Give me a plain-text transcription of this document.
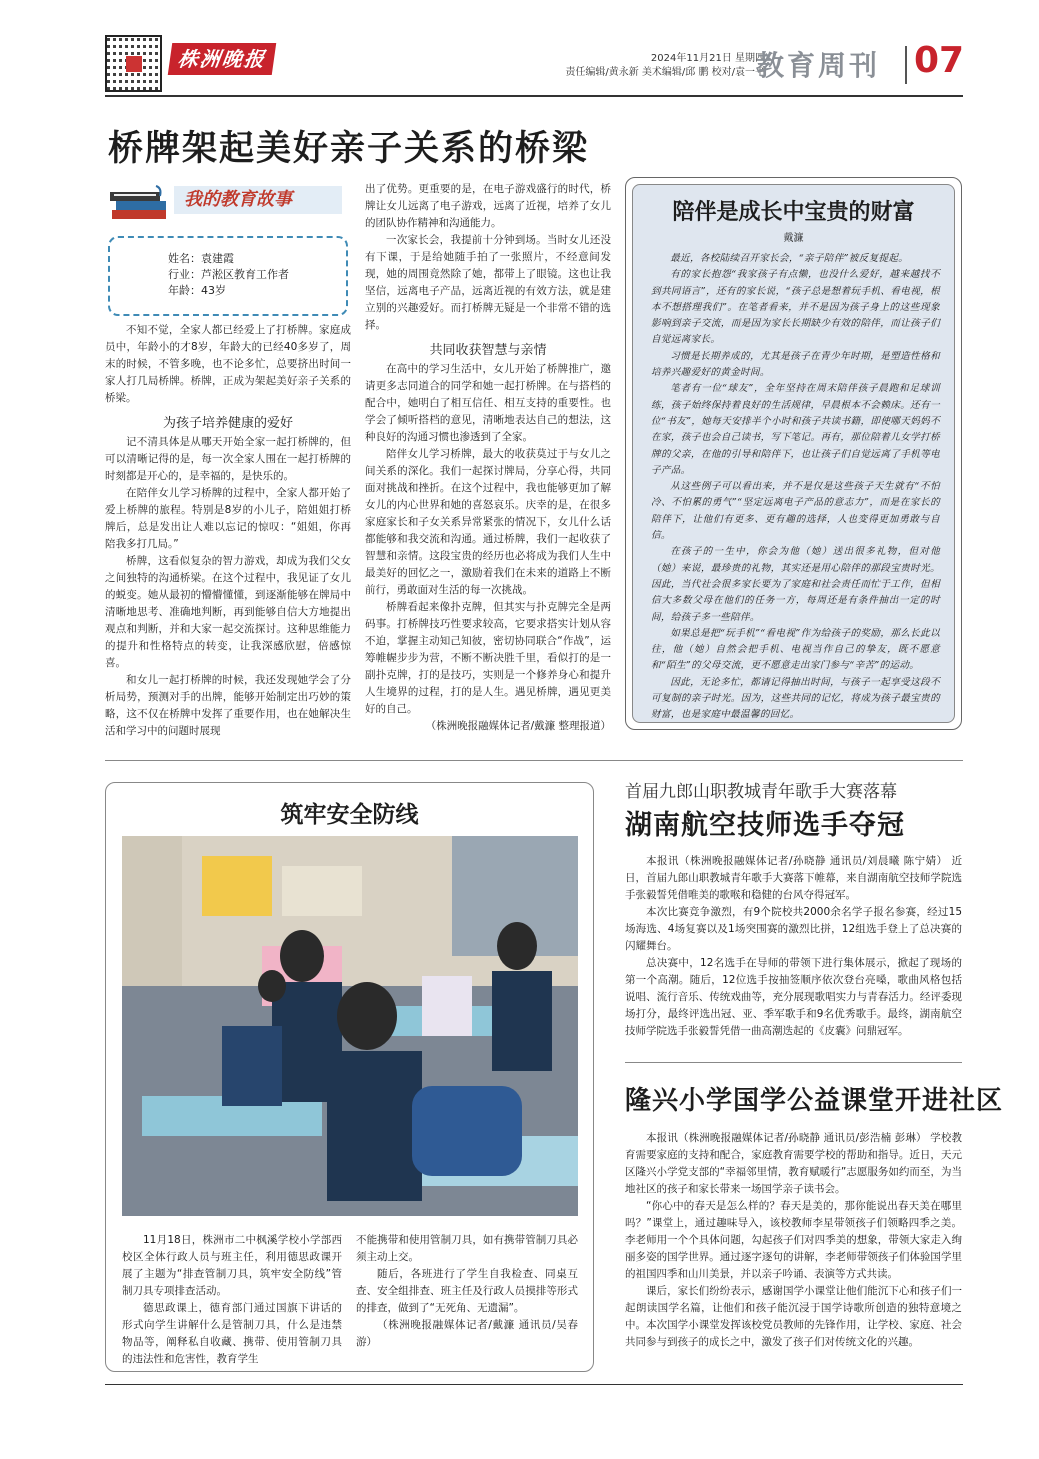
株洲晚报	2024年11月21日 星期四
责任编辑/黄永新 美术编辑/邱 鹏 校对/袁一平
教育周刊 07
桥牌架起美好亲子关系的桥梁
我的教育故事
姓名：袁建霞
行业：芦淞区教育工作者
年龄：43岁

不知不觉，全家人都已经爱上了打桥牌。家庭成员中，年龄小的才8岁，年龄大的已经40多岁了，周末的时候，不管多晚，也不论多忙，总要挤出时间一家人打几局桥牌。桥牌，正成为架起美好亲子关系的桥梁。

为孩子培养健康的爱好

记不清具体是从哪天开始全家一起打桥牌的，但可以清晰记得的是，每一次全家人围在一起打桥牌的时刻都是开心的，是幸福的，是快乐的。

在陪伴女儿学习桥牌的过程中，全家人都开始了爱上桥牌的旅程。特别是8岁的小儿子，陪姐姐打桥牌后，总是发出让人难以忘记的惊叹：“姐姐，你再陪我多打几局。”

桥牌，这看似复杂的智力游戏，却成为我们父女之间独特的沟通桥梁。在这个过程中，我见证了女儿的蜕变。她从最初的懵懵懂懂，到逐渐能够在牌局中清晰地思考、准确地判断，再到能够自信大方地提出观点和判断，并和大家一起交流探讨。这种思维能力的提升和性格特点的转变，让我深感欣慰，倍感惊喜。

和女儿一起打桥牌的时候，我还发现她学会了分析局势，预测对手的出牌，能够开始制定出巧妙的策略，这不仅在桥牌中发挥了重要作用，也在她解决生活和学习中的问题时展现

出了优势。更重要的是，在电子游戏盛行的时代，桥牌让女儿远离了电子游戏，远离了近视，培养了女儿的团队协作精神和沟通能力。

一次家长会，我提前十分钟到场。当时女儿还没有下课，于是给她随手拍了一张照片，不经意间发现，她的周围竟然除了她，都带上了眼镜。这也让我坚信，远离电子产品，远离近视的有效方法，就是建立别的兴趣爱好。而打桥牌无疑是一个非常不错的选择。

共同收获智慧与亲情

在高中的学习生活中，女儿开始了桥牌推广，邀请更多志同道合的同学和她一起打桥牌。在与搭档的配合中，她明白了相互信任、相互支持的重要性。也学会了倾听搭档的意见，清晰地表达自己的想法，这种良好的沟通习惯也渗透到了全家。

陪伴女儿学习桥牌，最大的收获莫过于与女儿之间关系的深化。我们一起探讨牌局，分享心得，共同面对挑战和挫折。在这个过程中，我也能够更加了解女儿的内心世界和她的喜怒哀乐。庆幸的是，在很多家庭家长和子女关系异常紧张的情况下，女儿什么话都能够和我交流和沟通。通过桥牌，我们一起收获了智慧和亲情。这段宝贵的经历也必将成为我们人生中最美好的回忆之一，激励着我们在未来的道路上不断前行，勇敢面对生活的每一次挑战。

桥牌看起来像扑克牌，但其实与扑克牌完全是两码事。打桥牌技巧性要求较高，它要求搭实计划从容不迫，掌握主动知己知彼，密切协同联合“作战”，运筹帷幄步步为营，不断不断决胜千里，看似打的是一副扑克牌，打的是技巧，实则是一个修养身心和提升人生境界的过程，打的是人生。遇见桥牌，遇见更美好的自己。

（株洲晚报融媒体记者/戴濂 整理报道）
陪伴是成长中宝贵的财富
戴濂

最近，各校陆续召开家长会，“亲子陪伴”被反复提起。

有的家长抱怨“我家孩子有点懒，也没什么爱好，越来越找不到共同语言”，还有的家长说，“孩子总是想着玩手机、看电视，根本不想搭理我们”。在笔者看来，并不是因为孩子身上的这些现象影响到亲子交流，而是因为家长长期缺少有效的陪伴，而让孩子们自觉远离家长。

习惯是长期养成的，尤其是孩子在青少年时期，是塑造性格和培养兴趣爱好的黄金时间。

笔者有一位“球友”，全年坚持在周末陪伴孩子晨跑和足球训练，孩子始终保持着良好的生活规律，早晨根本不会赖床。还有一位“书友”，她每天安排半个小时和孩子共读书籍，即使哪天妈妈不在家，孩子也会自己读书，写下笔记。再有，那位陪着儿女学打桥牌的父亲，在他的引导和陪伴下，也让孩子们自觉远离了手机等电子产品。

从这些例子可以看出来，并不是仅是这些孩子天生就有“不怕冷、不怕累的勇气”“坚定远离电子产品的意志力”，而是在家长的陪伴下，让他们有更多、更有趣的选择，人也变得更加勇敢与自信。

在孩子的一生中，你会为他（她）送出很多礼物，但对他（她）来说，最珍贵的礼物，其实还是用心陪伴的那段宝贵时光。因此，当代社会很多家长要为了家庭和社会责任而忙于工作，但相信大多数父母在他们的任务一方，每周还是有条件抽出一定的时间，给孩子多一些陪伴。

如果总是把“玩手机”“看电视”作为给孩子的奖励，那么长此以往，他（她）自然会把手机、电视当作自己的挚友，既不愿意和“陌生”的父母交流，更不愿意走出家门参与“辛苦”的运动。

因此，无论多忙，都请记得抽出时间，与孩子一起享受这段不可复制的亲子时光。因为，这些共同的记忆，将成为孩子最宝贵的财富，也是家庭中最温馨的回忆。

筑牢安全防线

11月18日，株洲市二中枫溪学校小学部西校区全体行政人员与班主任，利用德思政课开展了主题为“排查管制刀具，筑牢安全防线”管制刀具专项排查活动。

德思政课上，德育部门通过国旗下讲话的形式向学生讲解什么是管制刀具，什么是违禁物品等，阐释私自收藏、携带、使用管制刀具的违法性和危害性，教育学生

不能携带和使用管制刀具，如有携带管制刀具必须主动上交。

随后，各班进行了学生自我检查、同桌互查、安全组排查、班主任及行政人员摸排等形式的排查，做到了“无死角、无遗漏”。

（株洲晚报融媒体记者/戴濂 通讯员/吴春游）

首届九郎山职教城青年歌手大赛落幕
湖南航空技师选手夺冠

本报讯（株洲晚报融媒体记者/孙晓静 通讯员/刘晨曦 陈宁婧） 近日，首届九郎山职教城青年歌手大赛落下帷幕，来自湖南航空技师学院选手张毅誓凭借唯美的歌喉和稳健的台风夺得冠军。

本次比赛竞争激烈，有9个院校共2000余名学子报名参赛，经过15场海选、4场复赛以及1场突围赛的激烈比拼，12组选手登上了总决赛的闪耀舞台。

总决赛中，12名选手在导师的带领下进行集体展示，掀起了现场的第一个高潮。随后，12位选手按抽签顺序依次登台亮嗓，歌曲风格包括说唱、流行音乐、传统戏曲等，充分展现歌唱实力与青春活力。经评委现场打分，最终评选出冠、亚、季军歌手和9名优秀歌手。最终，湖南航空技师学院选手张毅誓凭借一曲高潮迭起的《皮囊》问鼎冠军。

隆兴小学国学公益课堂开进社区

本报讯（株洲晚报融媒体记者/孙晓静 通讯员/彭浩楠 彭琳） 学校教育需要家庭的支持和配合，家庭教育需要学校的帮助和指导。近日，天元区隆兴小学党支部的“幸福邻里情，教育赋暖行”志愿服务如约而至，为当地社区的孩子和家长带来一场国学亲子读书会。

“你心中的春天是怎么样的？春天是美的，那你能说出春天美在哪里吗？”课堂上，通过趣味导入，该校教师李星带领孩子们领略四季之美。李老师用一个个具体问题，勾起孩子们对四季美的想象，带领大家走入绚丽多姿的国学世界。通过逐字逐句的讲解，李老师带领孩子们体验国学里的祖国四季和山川美景，并以亲子吟诵、表演等方式共读。

课后，家长们纷纷表示，感谢国学小课堂让他们能沉下心和孩子们一起朗读国学名篇，让他们和孩子能沉浸于国学诗歌所创造的独特意境之中。本次国学小课堂发挥该校党员教师的先锋作用，让学校、家庭、社会共同参与到孩子的成长之中，激发了孩子们对传统文化的兴趣。
